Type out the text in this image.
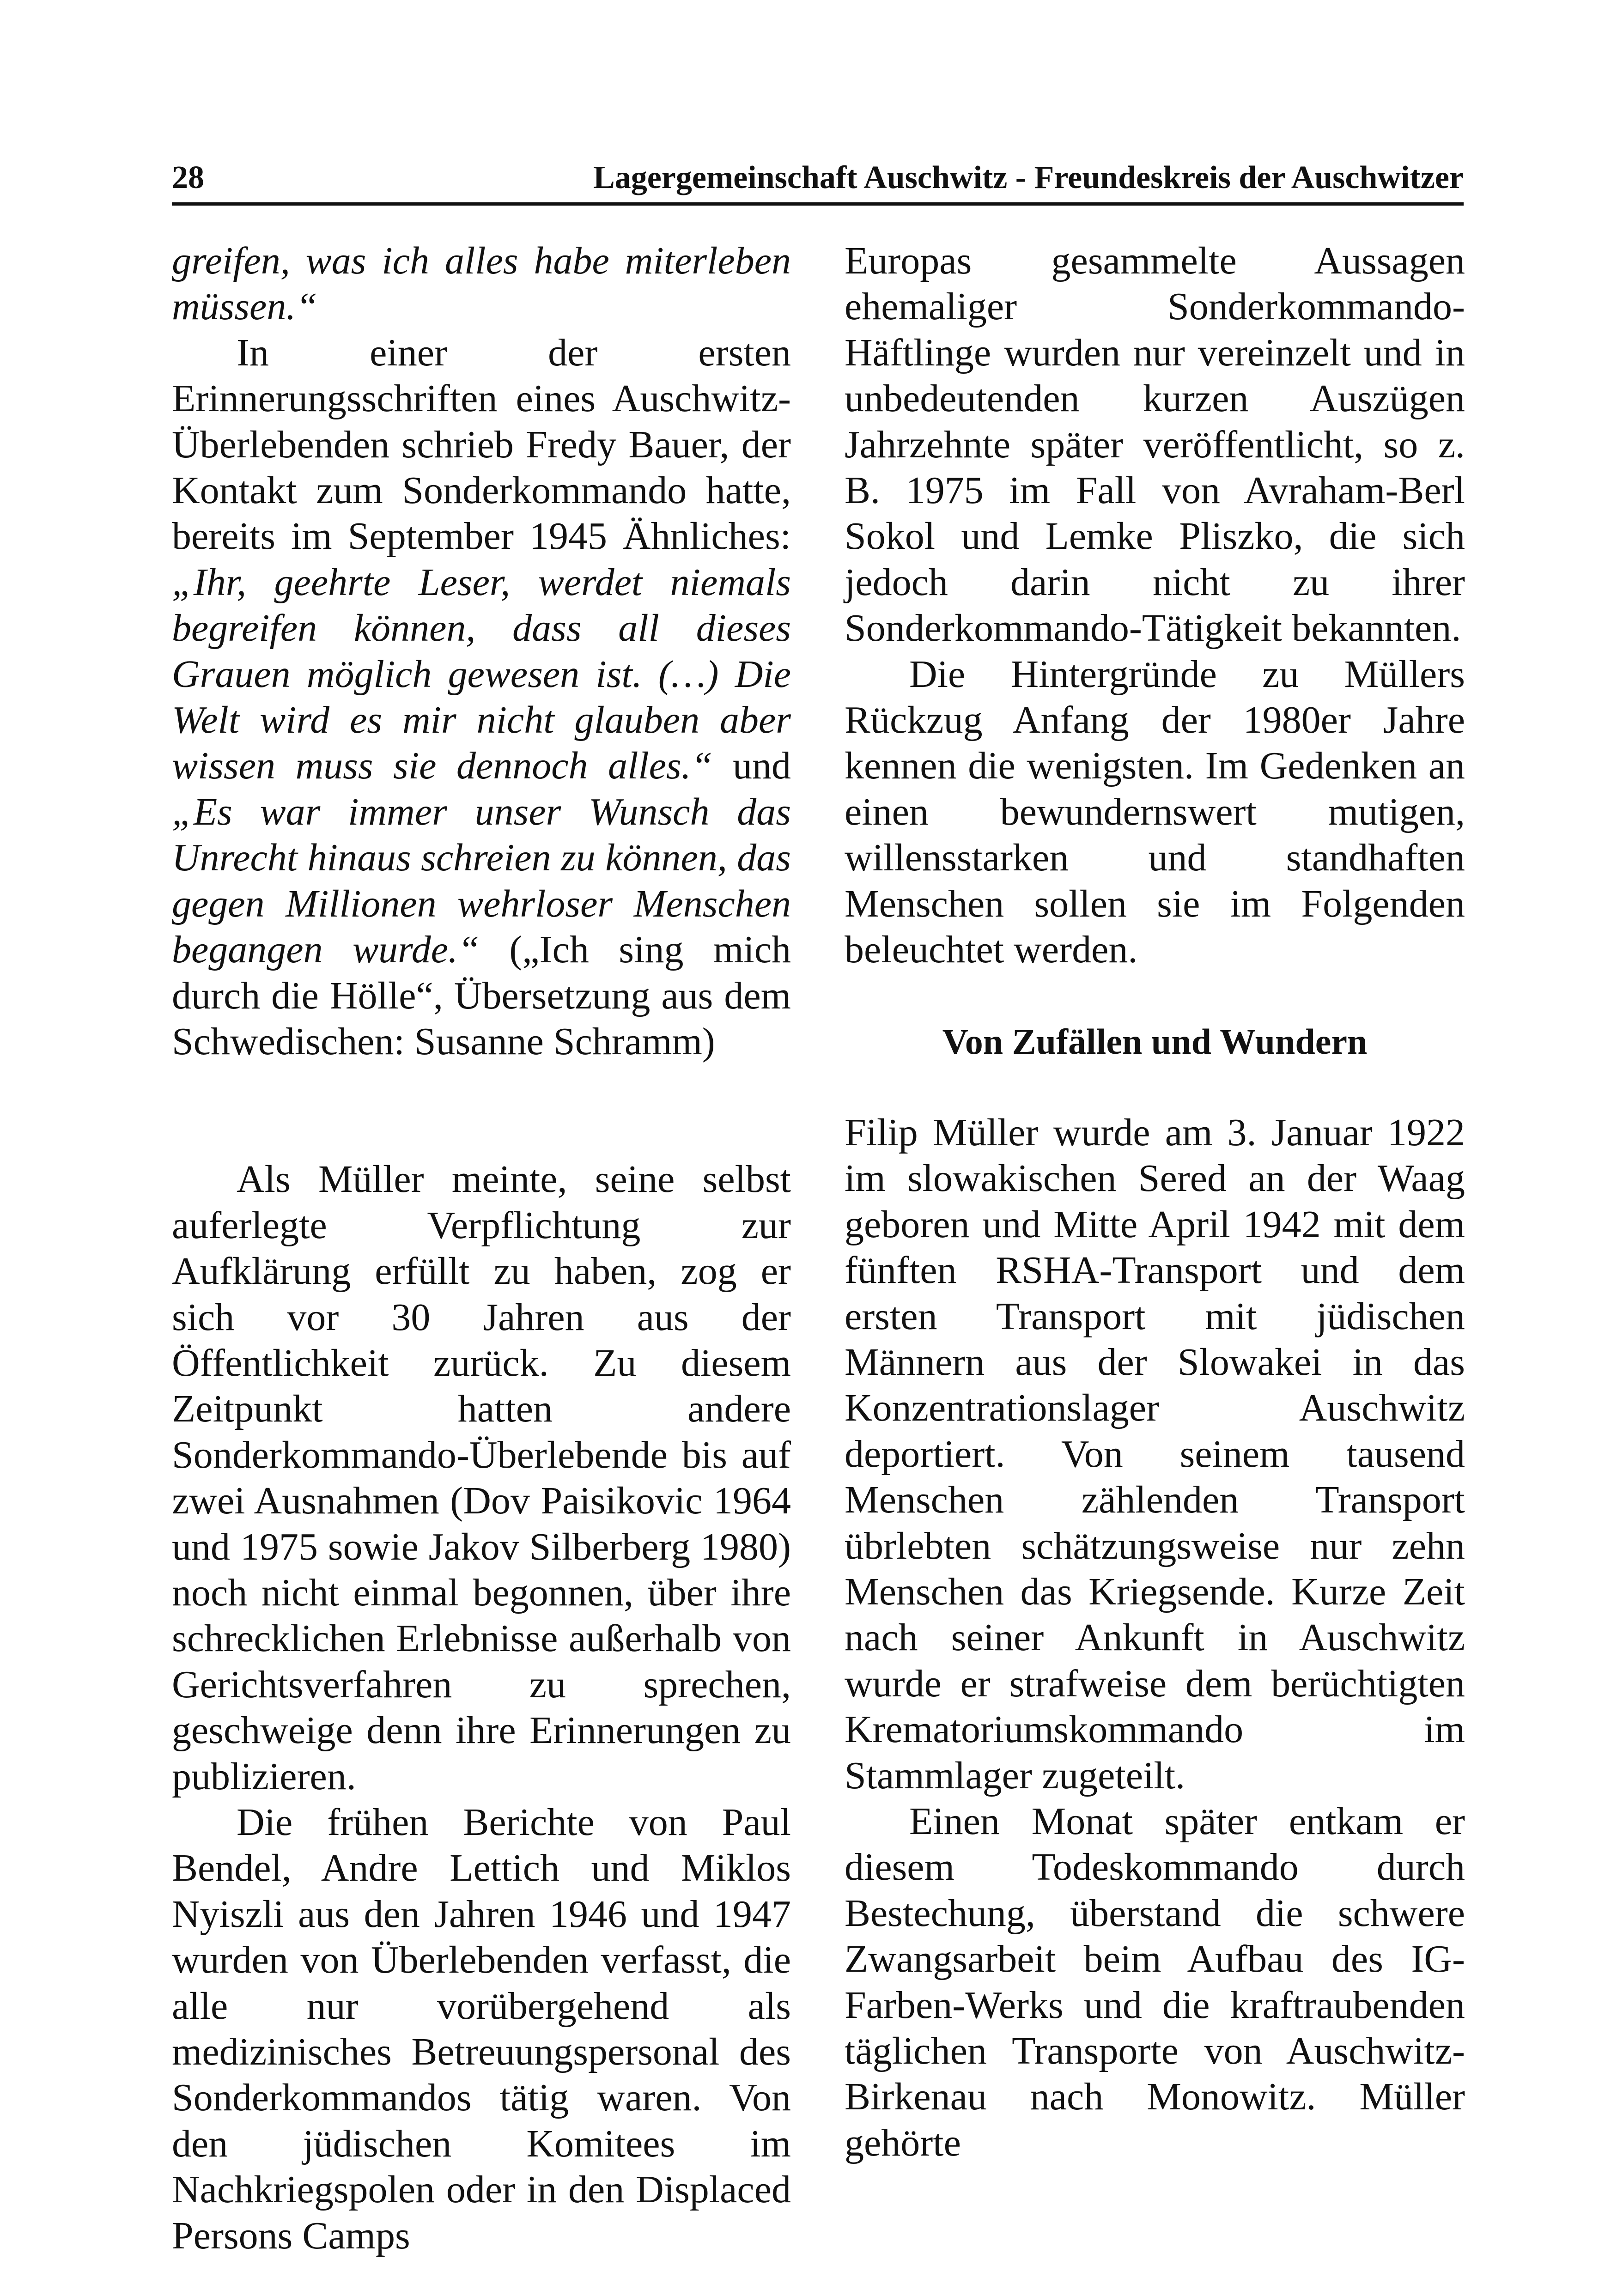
28	Lagergemeinschaft Auschwitz - Freundeskreis der Auschwitzer

greifen, was ich alles habe miterleben müssen.“

In einer der ersten Erinnerungsschriften eines Auschwitz-Überlebenden schrieb Fredy Bauer, der Kontakt zum Sonderkommando hatte, bereits im September 1945 Ähnliches: „Ihr, geehrte Leser, werdet niemals begreifen können, dass all dieses Grauen möglich gewesen ist. (…) Die Welt wird es mir nicht glauben aber wissen muss sie dennoch alles.“ und „Es war immer unser Wunsch das Unrecht hinaus schreien zu können, das gegen Millionen wehrloser Menschen begangen wurde.“ („Ich sing mich durch die Hölle“, Übersetzung aus dem Schwedischen: Susanne Schramm)

Als Müller meinte, seine selbst auferlegte Verpflichtung zur Aufklärung erfüllt zu haben, zog er sich vor 30 Jahren aus der Öffentlichkeit zurück. Zu diesem Zeitpunkt hatten andere Sonderkommando-Überlebende bis auf zwei Ausnahmen (Dov Paisikovic 1964 und 1975 sowie Jakov Silberberg 1980) noch nicht einmal begonnen, über ihre schrecklichen Erlebnisse außerhalb von Gerichtsverfahren zu sprechen, geschweige denn ihre Erinnerungen zu publizieren.

Die frühen Berichte von Paul Bendel, Andre Lettich und Miklos Nyiszli aus den Jahren 1946 und 1947 wurden von Überlebenden verfasst, die alle nur vorübergehend als medizinisches Betreuungspersonal des Sonderkommandos tätig waren. Von den jüdischen Komitees im Nachkriegspolen oder in den Displaced Persons Camps

Europas gesammelte Aussagen ehemaliger Sonderkommando-Häftlinge wurden nur vereinzelt und in unbedeutenden kurzen Auszügen Jahrzehnte später veröffentlicht, so z. B. 1975 im Fall von Avraham-Berl Sokol und Lemke Pliszko, die sich jedoch darin nicht zu ihrer Sonderkommando-Tätigkeit bekannten.

Die Hintergründe zu Müllers Rückzug Anfang der 1980er Jahre kennen die wenigsten. Im Gedenken an einen bewundernswert mutigen, willensstarken und standhaften Menschen sollen sie im Folgenden beleuchtet werden.

Von Zufällen und Wundern

Filip Müller wurde am 3. Januar 1922 im slowakischen Sered an der Waag geboren und Mitte April 1942 mit dem fünften RSHA-Transport und dem ersten Transport mit jüdischen Männern aus der Slowakei in das Konzentrationslager Auschwitz deportiert. Von seinem tausend Menschen zählenden Transport übrlebten schätzungsweise nur zehn Menschen das Kriegsende. Kurze Zeit nach seiner Ankunft in Auschwitz wurde er strafweise dem berüchtigten Krematoriumskommando im Stammlager zugeteilt.

Einen Monat später entkam er diesem Todeskommando durch Bestechung, überstand die schwere Zwangsarbeit beim Aufbau des IG-Farben-Werks und die kraftraubenden täglichen Transporte von Auschwitz-Birkenau nach Monowitz. Müller gehörte
